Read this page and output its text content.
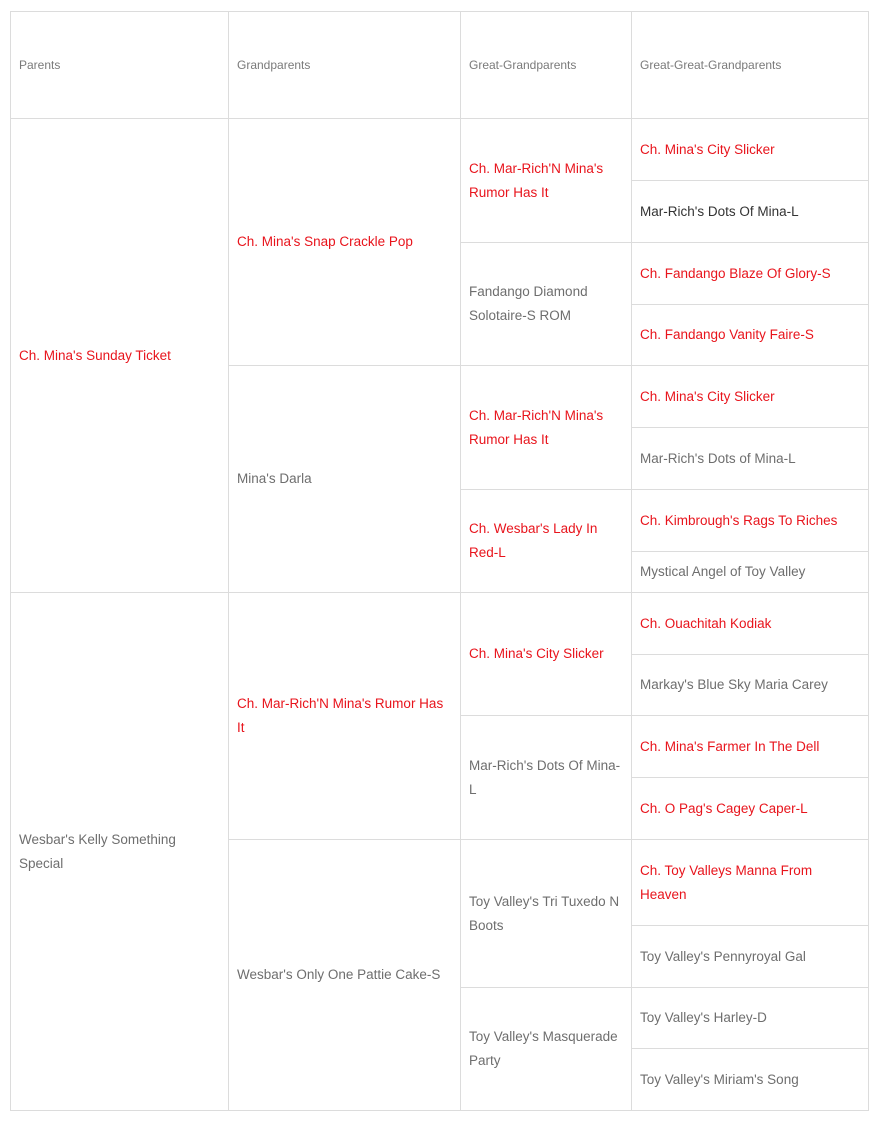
Parents	Grandparents	Great-Grandparents	Great-Great-Grandparents
Ch. Mina's Sunday Ticket	Ch. Mina's Snap Crackle Pop	Ch. Mar-Rich'N Mina's Rumor Has It	Ch. Mina's City Slicker
			Mar-Rich's Dots Of Mina-L
		Fandango Diamond Solotaire-S ROM	Ch. Fandango Blaze Of Glory-S
			Ch. Fandango Vanity Faire-S
	Mina's Darla	Ch. Mar-Rich'N Mina's Rumor Has It	Ch. Mina's City Slicker
			Mar-Rich's Dots of Mina-L
		Ch. Wesbar's Lady In Red-L	Ch. Kimbrough's Rags To Riches
			Mystical Angel of Toy Valley
Wesbar's Kelly Something Special	Ch. Mar-Rich'N Mina's Rumor Has It	Ch. Mina's City Slicker	Ch. Ouachitah Kodiak
			Markay's Blue Sky Maria Carey
		Mar-Rich's Dots Of Mina-L	Ch. Mina's Farmer In The Dell
			Ch. O Pag's Cagey Caper-L
	Wesbar's Only One Pattie Cake-S	Toy Valley's Tri Tuxedo N Boots	Ch. Toy Valleys Manna From Heaven
			Toy Valley's Pennyroyal Gal
		Toy Valley's Masquerade Party	Toy Valley's Harley-D
			Toy Valley's Miriam's Song
